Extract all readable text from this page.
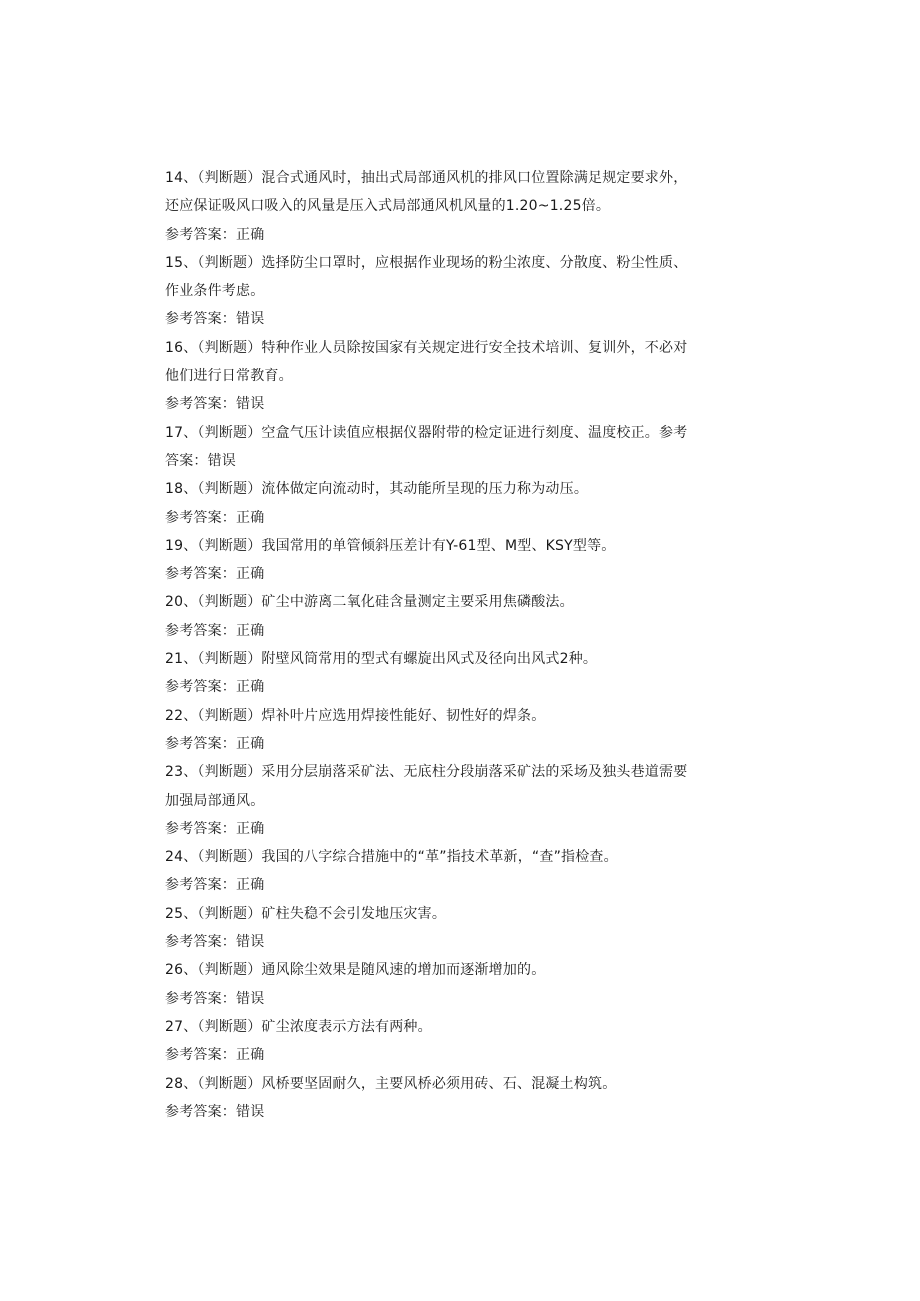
14、（判断题）混合式通风时，抽出式局部通风机的排风口位置除满足规定要求外，
还应保证吸风口吸入的风量是压入式局部通风机风量的1.20~1.25倍。
参考答案：正确
15、（判断题）选择防尘口罩时，应根据作业现场的粉尘浓度、分散度、粉尘性质、
作业条件考虑。
参考答案：错误
16、（判断题）特种作业人员除按国家有关规定进行安全技术培训、复训外，不必对
他们进行日常教育。
参考答案：错误
17、（判断题）空盒气压计读值应根据仪器附带的检定证进行刻度、温度校正。参考
答案：错误
18、（判断题）流体做定向流动时，其动能所呈现的压力称为动压。
参考答案：正确
19、（判断题）我国常用的单管倾斜压差计有Y-61型、M型、KSY型等。
参考答案：正确
20、（判断题）矿尘中游离二氧化硅含量测定主要采用焦磷酸法。
参考答案：正确
21、（判断题）附壁风筒常用的型式有螺旋出风式及径向出风式2种。
参考答案：正确
22、（判断题）焊补叶片应选用焊接性能好、韧性好的焊条。
参考答案：正确
23、（判断题）采用分层崩落采矿法、无底柱分段崩落采矿法的采场及独头巷道需要
加强局部通风。
参考答案：正确
24、（判断题）我国的八字综合措施中的“革”指技术革新，“查”指检查。
参考答案：正确
25、（判断题）矿柱失稳不会引发地压灾害。
参考答案：错误
26、（判断题）通风除尘效果是随风速的增加而逐渐增加的。
参考答案：错误
27、（判断题）矿尘浓度表示方法有两种。
参考答案：正确
28、（判断题）风桥要坚固耐久，主要风桥必须用砖、石、混凝土构筑。
参考答案：错误
